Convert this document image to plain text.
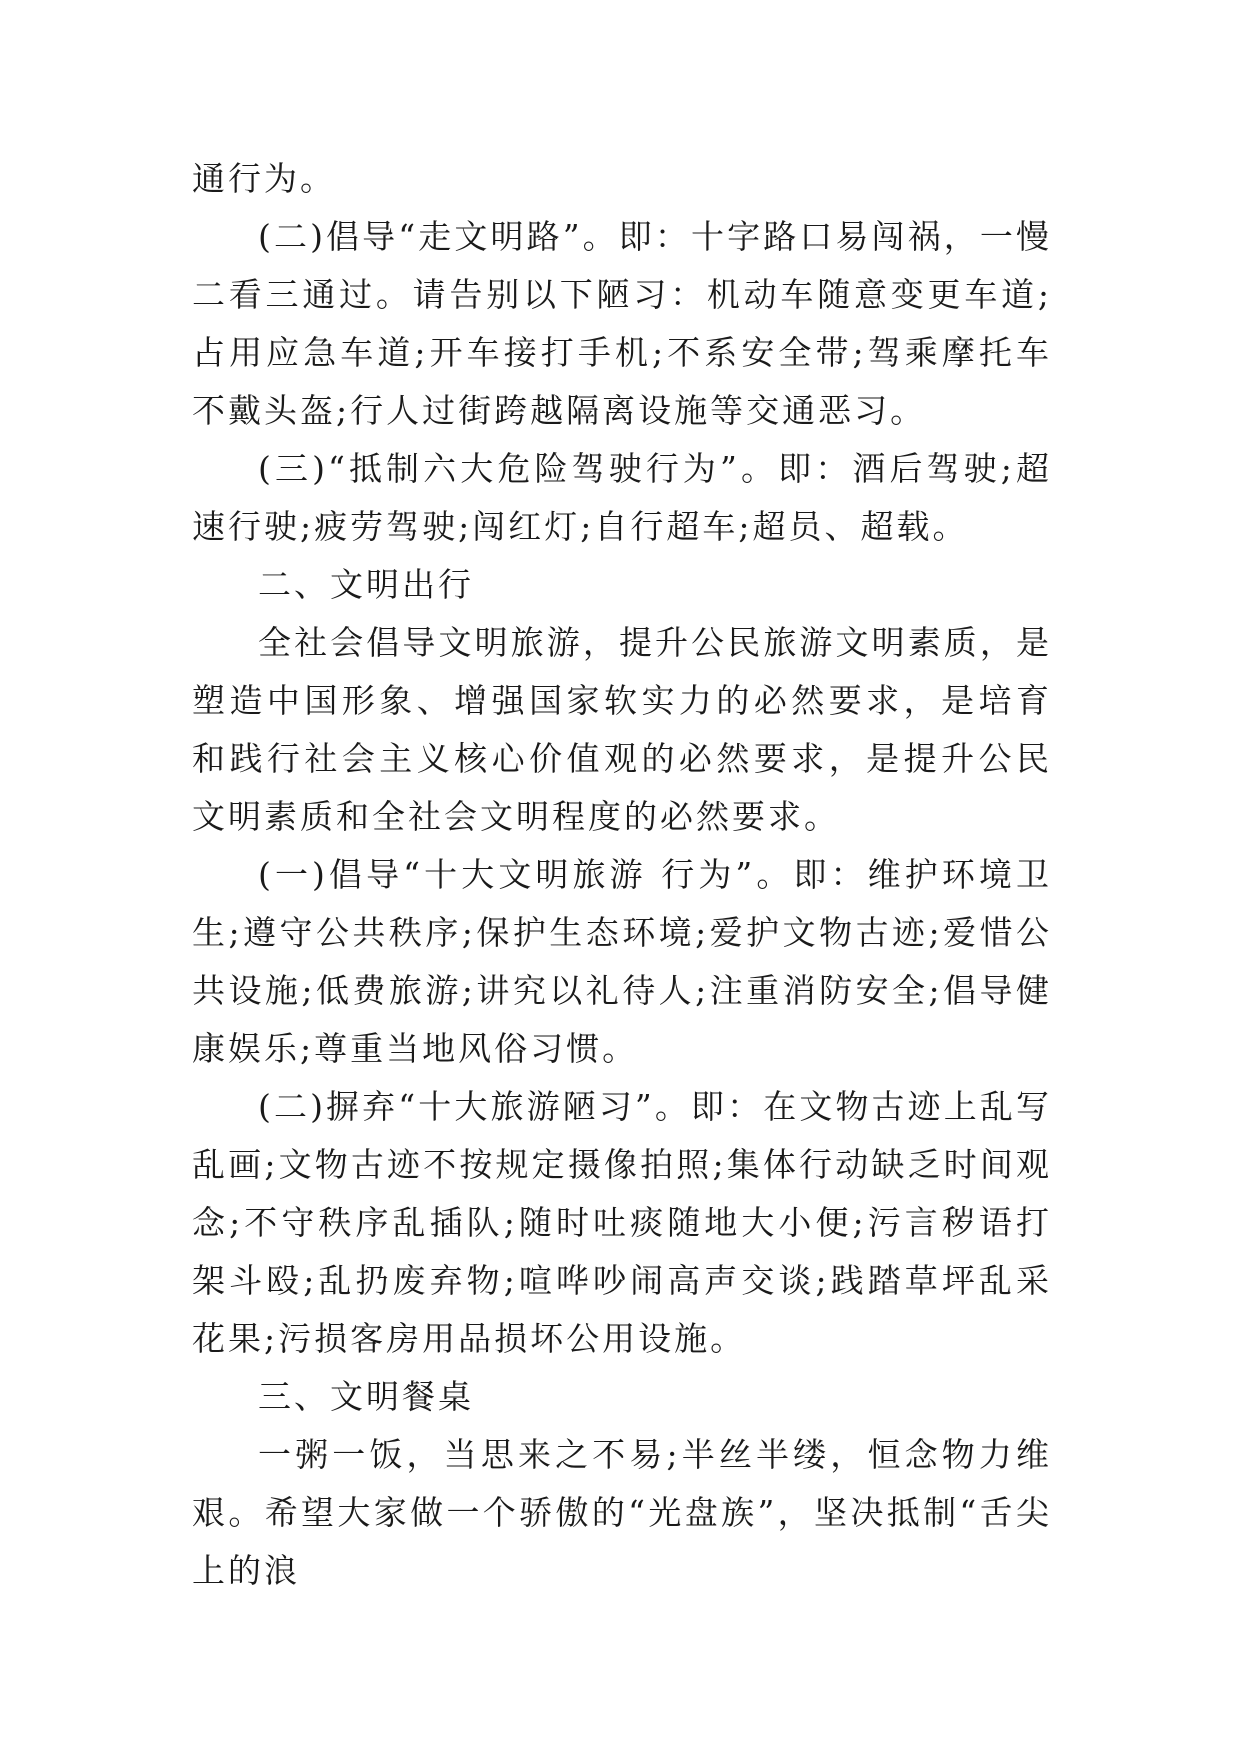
通行为。

(二)倡导“走文明路”。即：十字路口易闯祸，一慢二看三通过。请告别以下陋习：机动车随意变更车道;占用应急车道;开车接打手机;不系安全带;驾乘摩托车不戴头盔;行人过街跨越隔离设施等交通恶习。

(三)“抵制六大危险驾驶行为”。即：酒后驾驶;超速行驶;疲劳驾驶;闯红灯;自行超车;超员、超载。

二、文明出行

全社会倡导文明旅游，提升公民旅游文明素质，是塑造中国形象、增强国家软实力的必然要求，是培育和践行社会主义核心价值观的必然要求，是提升公民文明素质和全社会文明程度的必然要求。

(一)倡导“十大文明旅游 行为”。即：维护环境卫生;遵守公共秩序;保护生态环境;爱护文物古迹;爱惜公共设施;低费旅游;讲究以礼待人;注重消防安全;倡导健康娱乐;尊重当地风俗习惯。

(二)摒弃“十大旅游陋习”。即：在文物古迹上乱写乱画;文物古迹不按规定摄像拍照;集体行动缺乏时间观念;不守秩序乱插队;随时吐痰随地大小便;污言秽语打架斗殴;乱扔废弃物;喧哗吵闹高声交谈;践踏草坪乱采花果;污损客房用品损坏公用设施。

三、文明餐桌

一粥一饭，当思来之不易;半丝半缕，恒念物力维艰。希望大家做一个骄傲的“光盘族”，坚决抵制“舌尖上的浪
